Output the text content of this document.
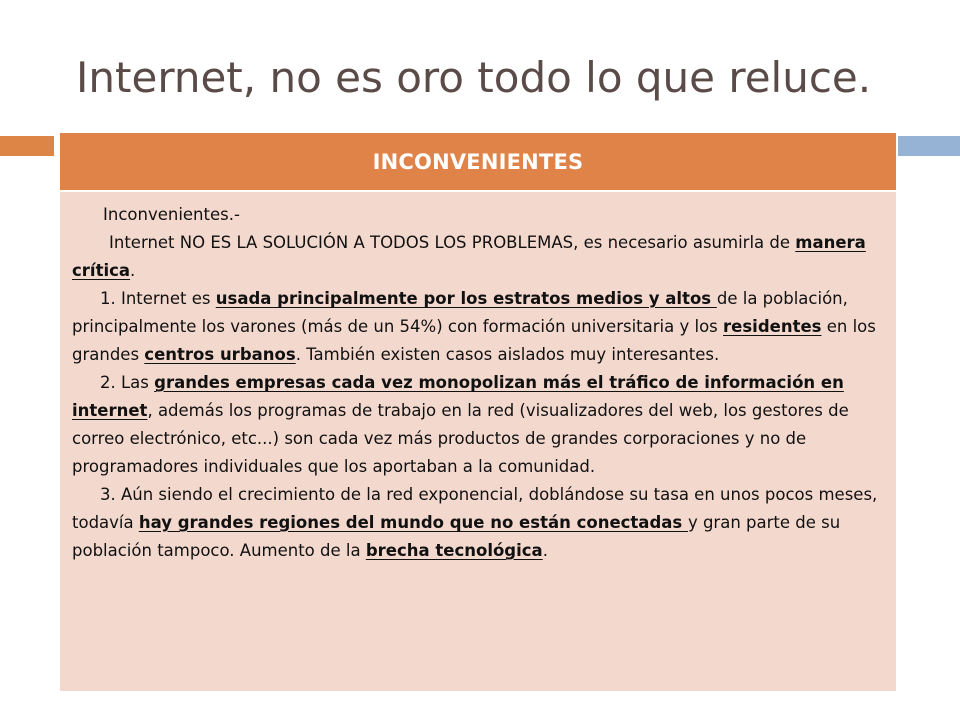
Internet, no es oro todo lo que reluce.
INCONVENIENTES

Inconvenientes.-

Internet NO ES LA SOLUCIÓN A TODOS LOS PROBLEMAS, es necesario asumirla de manera crítica.

1. Internet es usada principalmente por los estratos medios y altos de la población, principalmente los varones (más de un 54%) con formación universitaria y los residentes en los grandes centros urbanos. También existen casos aislados muy interesantes.

2. Las grandes empresas cada vez monopolizan más el tráfico de información en internet, además los programas de trabajo en la red (visualizadores del web, los gestores de correo electrónico, etc...) son cada vez más productos de grandes corporaciones y no de programadores individuales que los aportaban a la comunidad.

3. Aún siendo el crecimiento de la red exponencial, doblándose su tasa en unos pocos meses, todavía hay grandes regiones del mundo que no están conectadas y gran parte de su población tampoco. Aumento de la brecha tecnológica.
